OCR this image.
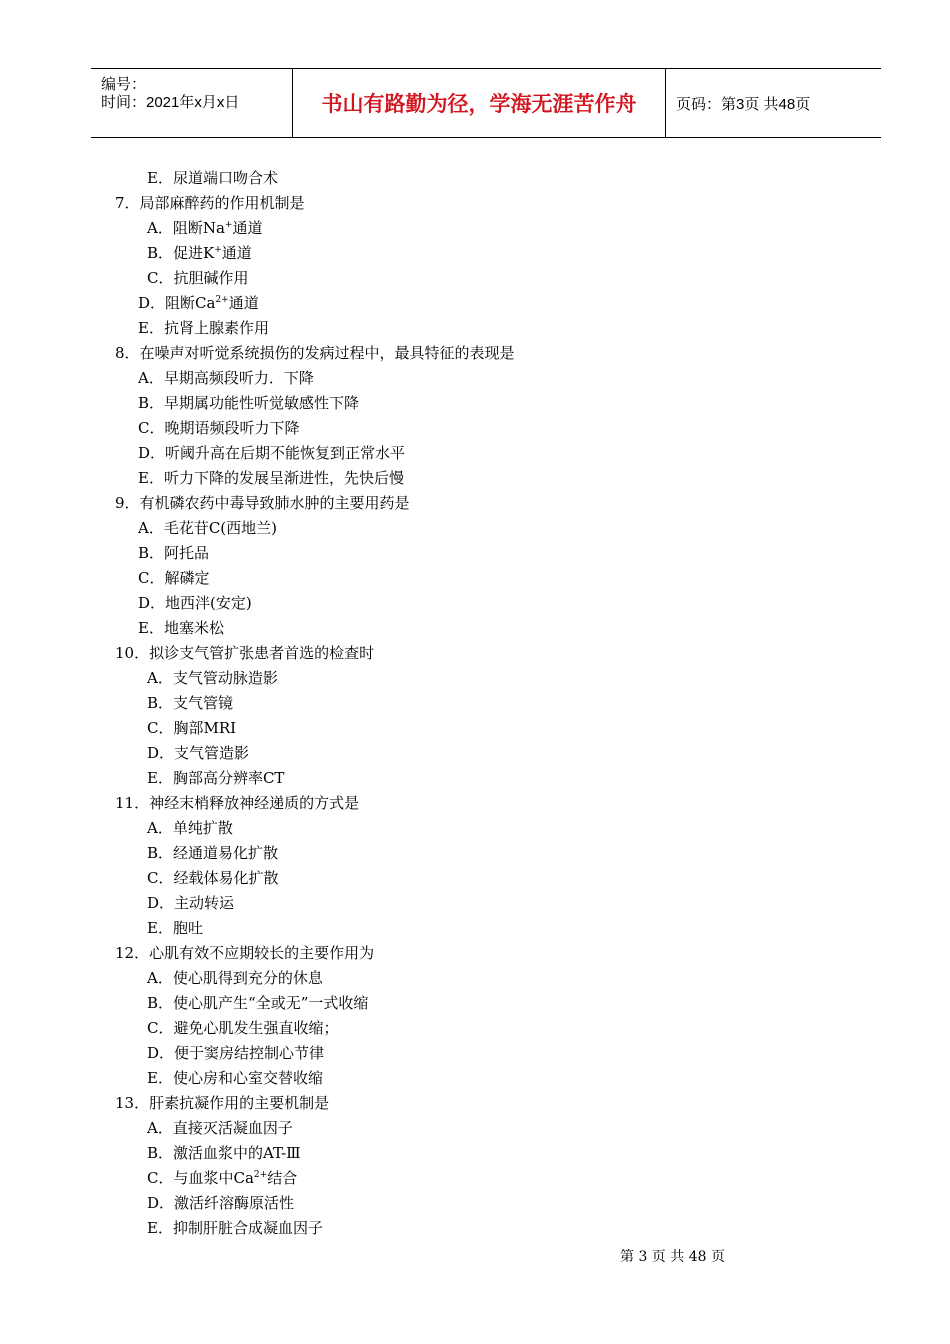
编号：
时间：2021年x月x日	书山有路勤为径，学海无涯苦作舟	页码：第3页 共48页
E．尿道端口吻合术
7．局部麻醉药的作用机制是
A．阻断Na+通道
B．促进K+通道
C．抗胆碱作用
D．阻断$Ca^{2+}$通道
E．抗肾上腺素作用
8．在噪声对听觉系统损伤的发病过程中，最具特征的表现是
A．早期高频段听力．下降
B．早期属功能性听觉敏感性下降
C．晚期语频段听力下降
D．听阈升高在后期不能恢复到正常水平
E．听力下降的发展呈渐进性，先快后慢
9．有机磷农药中毒导致肺水肿的主要用药是
A．毛花苷C(西地兰)
B．阿托品
C．解磷定
D．地西泮(安定)
E．地塞米松
10．拟诊支气管扩张患者首选的检查时
A．支气管动脉造影
B．支气管镜
C．胸部MRI
D．支气管造影
E．胸部高分辨率CT
11．神经末梢释放神经递质的方式是
A．单纯扩散
B．经通道易化扩散
C．经载体易化扩散
D．主动转运
E．胞吐
12．心肌有效不应期较长的主要作用为
A．使心肌得到充分的休息
B．使心肌产生“全或无”一式收缩
C．避免心肌发生强直收缩；
D．便于窦房结控制心节律
E．使心房和心室交替收缩
13．肝素抗凝作用的主要机制是
A．直接灭活凝血因子
B．激活血浆中的AT-Ⅲ
C．与血浆中$Ca^{2+}$结合
D．激活纤溶酶原活性
E．抑制肝脏合成凝血因子
第 3 页 共 48 页
